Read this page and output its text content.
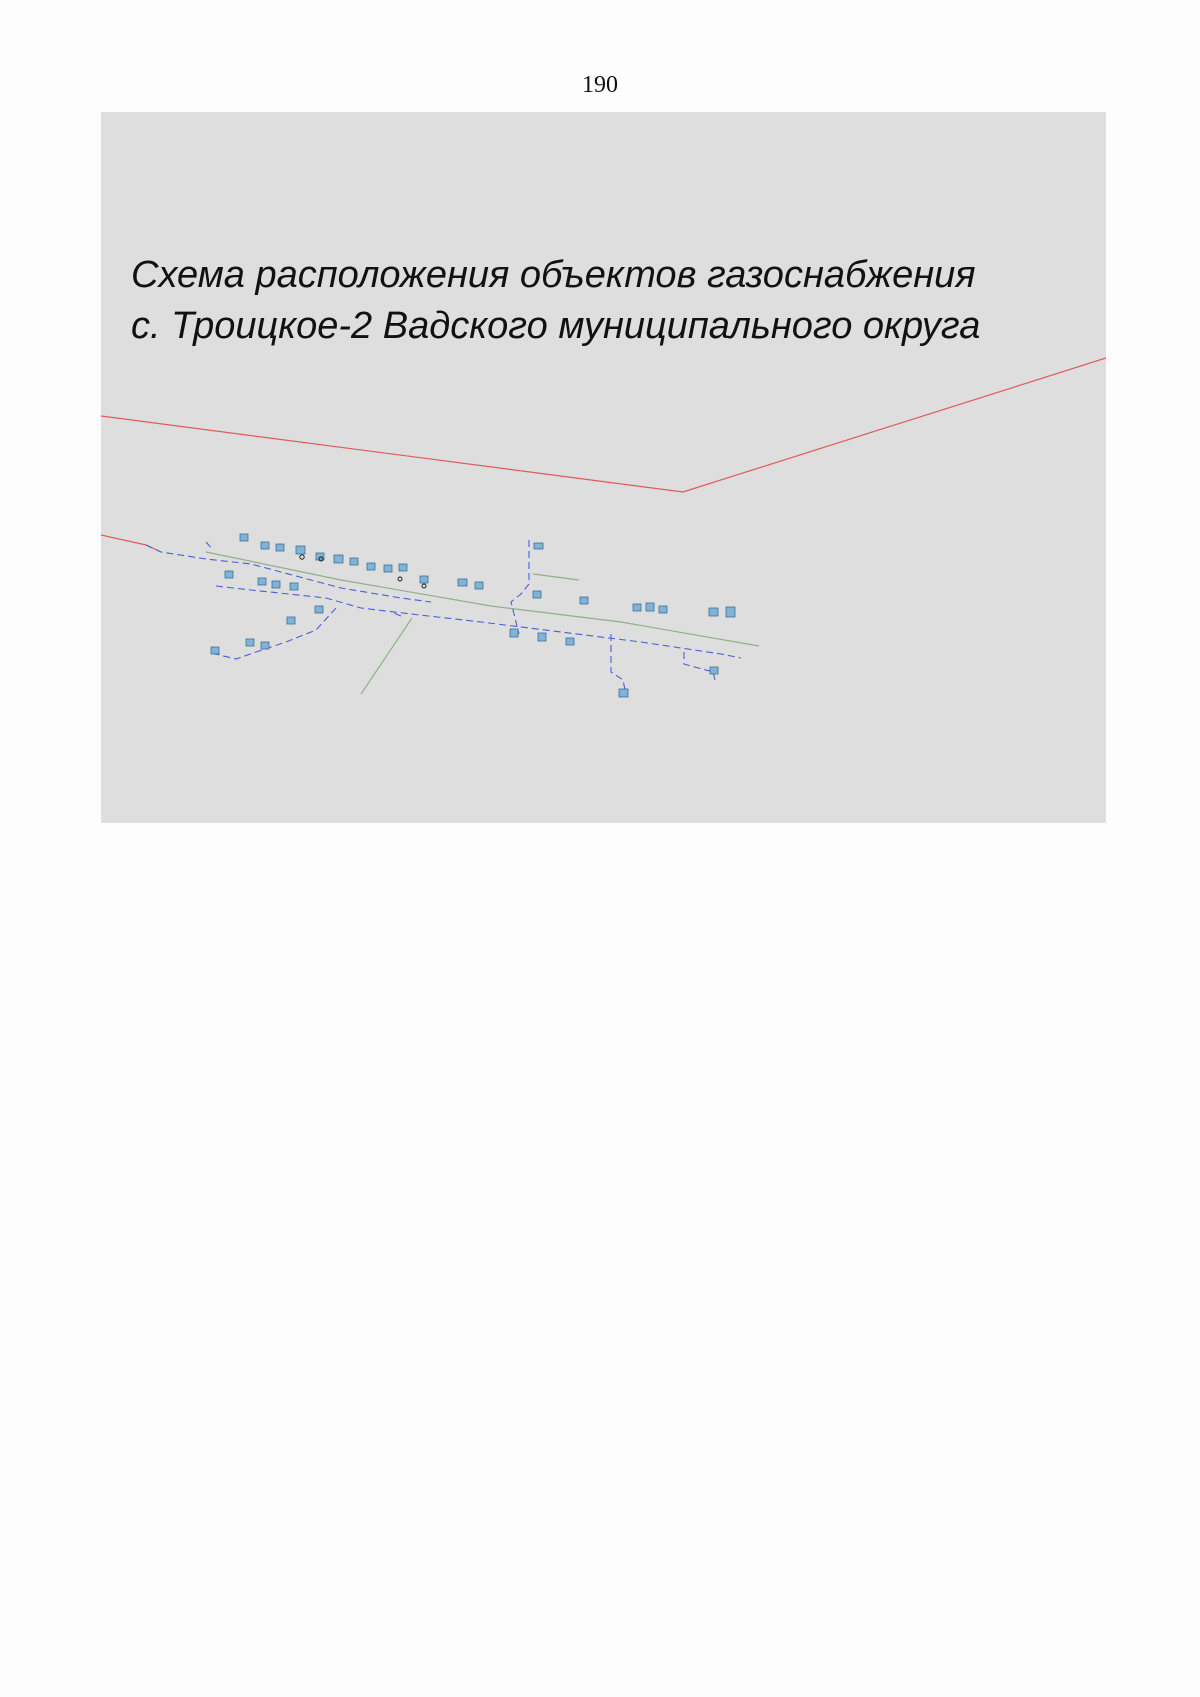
190
Схема расположения объектов газоснабжения
с. Троицкое-2 Вадского муниципального округа
